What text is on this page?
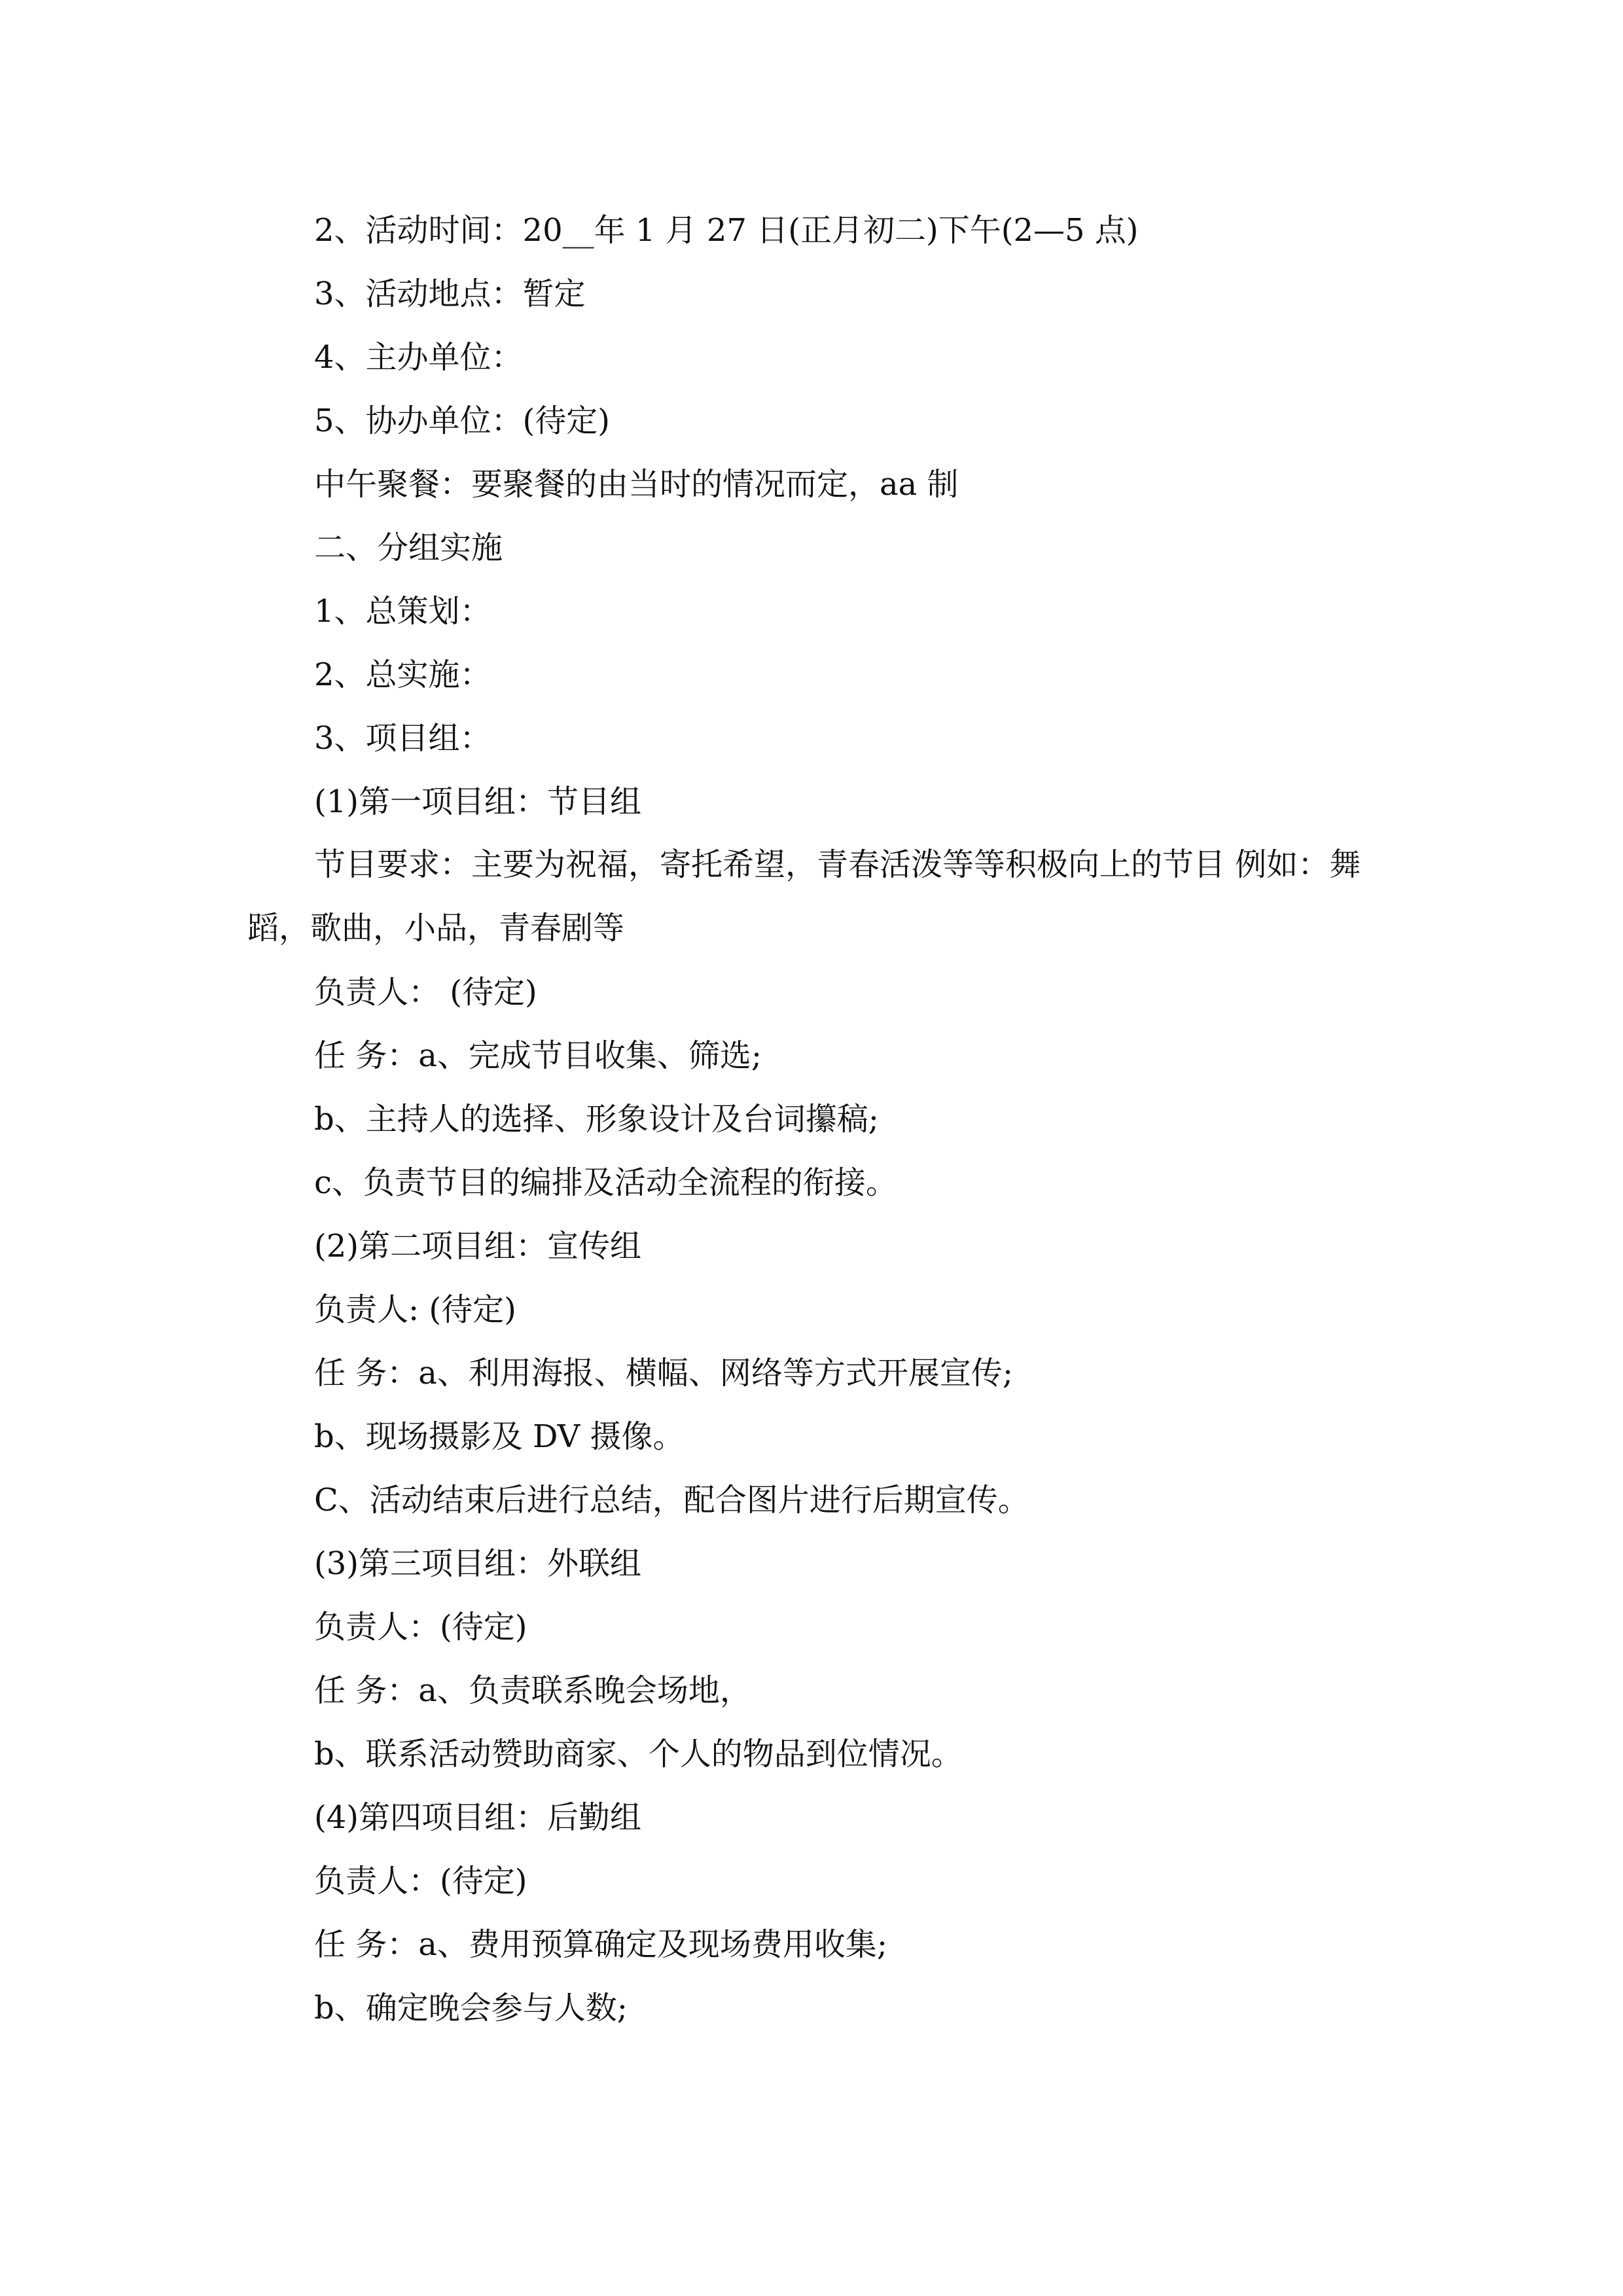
2、活动时间：20__年 1 月 27 日(正月初二)下午(2—5 点)
3、活动地点：暂定
4、主办单位：
5、协办单位：(待定)
中午聚餐：要聚餐的由当时的情况而定，aa 制
二、分组实施
1、总策划：
2、总实施：
3、项目组：
(1)第一项目组：节目组
节目要求：主要为祝福，寄托希望，青春活泼等等积极向上的节目 例如：舞蹈，歌曲，小品，青春剧等
负责人： (待定)
任 务：a、完成节目收集、筛选;
b、主持人的选择、形象设计及台词攥稿;
c、负责节目的编排及活动全流程的衔接。
(2)第二项目组：宣传组
负责人: (待定)
任 务：a、利用海报、横幅、网络等方式开展宣传;
b、现场摄影及 DV 摄像。
C、活动结束后进行总结，配合图片进行后期宣传。
(3)第三项目组：外联组
负责人：(待定)
任 务：a、负责联系晚会场地，
b、联系活动赞助商家、个人的物品到位情况。
(4)第四项目组：后勤组
负责人：(待定)
任 务：a、费用预算确定及现场费用收集;
b、确定晚会参与人数;
